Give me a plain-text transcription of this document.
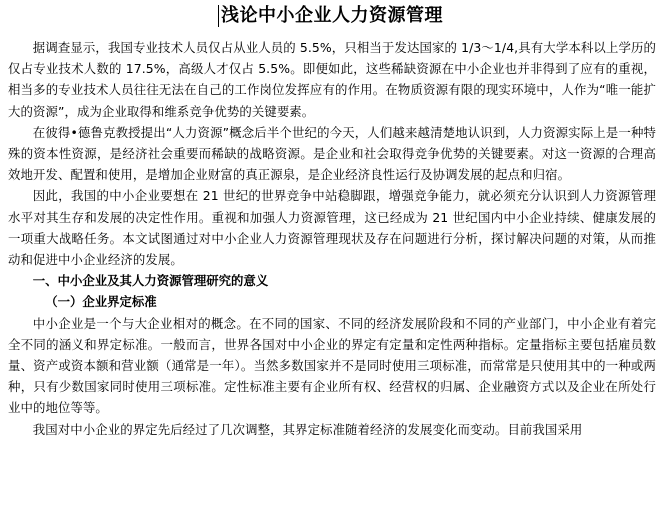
浅论中小企业人力资源管理

据调查显示，我国专业技术人员仅占从业人员的 5.5%，只相当于发达国家的 1/3～1/4,具有大学本科以上学历的仅占专业技术人数的 17.5%，高级人才仅占 5.5%。即便如此，这些稀缺资源在中小企业也并非得到了应有的重视，相当多的专业技术人员往往无法在自己的工作岗位发挥应有的作用。在物质资源有限的现实环境中，人作为“唯一能扩大的资源”，成为企业取得和维系竞争优势的关键要素。

在彼得•德鲁克教授提出“人力资源”概念后半个世纪的今天，人们越来越清楚地认识到，人力资源实际上是一种特殊的资本性资源，是经济社会重要而稀缺的战略资源。是企业和社会取得竞争优势的关键要素。对这一资源的合理高效地开发、配置和使用，是增加企业财富的真正源泉，是企业经济良性运行及协调发展的起点和归宿。

因此，我国的中小企业要想在 21 世纪的世界竞争中站稳脚跟，增强竞争能力，就必须充分认识到人力资源管理水平对其生存和发展的决定性作用。重视和加强人力资源管理，这已经成为 21 世纪国内中小企业持续、健康发展的一项重大战略任务。本文试图通过对中小企业人力资源管理现状及存在问题进行分析，探讨解决问题的对策，从而推动和促进中小企业经济的发展。

一、中小企业及其人力资源管理研究的意义

（一）企业界定标准

中小企业是一个与大企业相对的概念。在不同的国家、不同的经济发展阶段和不同的产业部门，中小企业有着完全不同的涵义和界定标准。一般而言，世界各国对中小企业的界定有定量和定性两种指标。定量指标主要包括雇员数量、资产或资本额和营业额（通常是一年）。当然多数国家并不是同时使用三项标准，而常常是只使用其中的一种或两种，只有少数国家同时使用三项标准。定性标准主要有企业所有权、经营权的归属、企业融资方式以及企业在所处行业中的地位等等。

我国对中小企业的界定先后经过了几次调整，其界定标准随着经济的发展变化而变动。目前我国采用
